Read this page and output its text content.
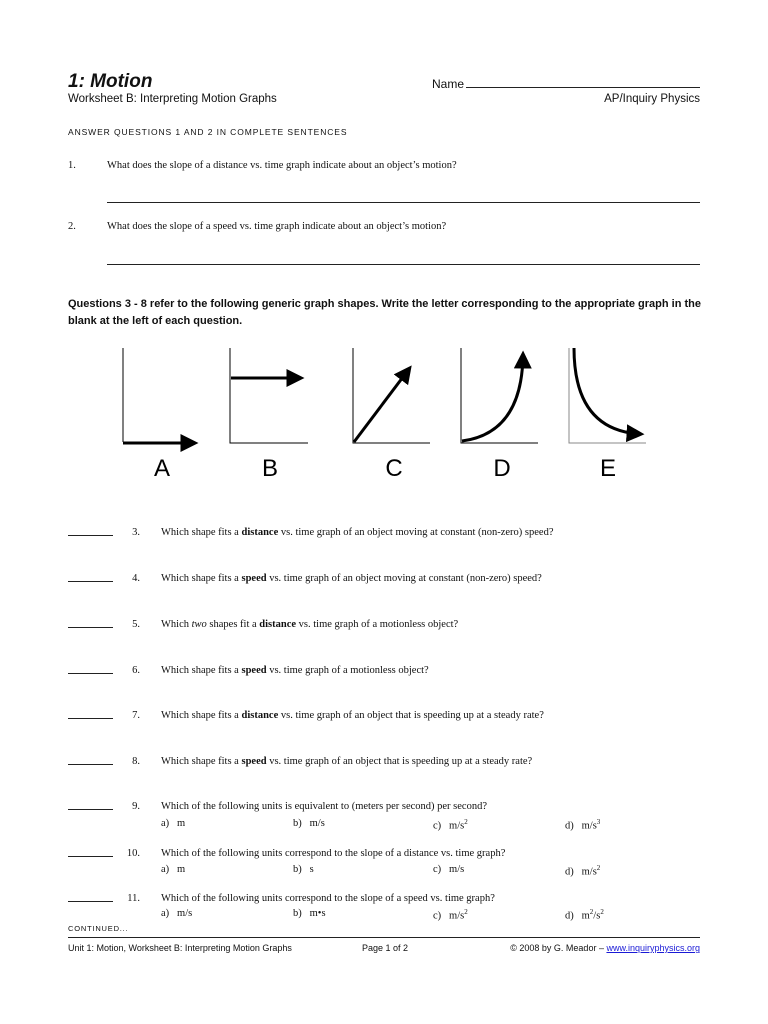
1: Motion	Name
Worksheet B: Interpreting Motion Graphs	AP/Inquiry Physics
ANSWER QUESTIONS 1 AND 2 IN COMPLETE SENTENCES
1.	What does the slope of a distance vs. time graph indicate about an object’s motion?
2.	What does the slope of a speed vs. time graph indicate about an object’s motion?
Questions 3 - 8 refer to the following generic graph shapes. Write the letter corresponding to the appropriate graph in the blank at the left of each question.
A	B	C	D	E
3. Which shape fits a distance vs. time graph of an object moving at constant (non-zero) speed?
4. Which shape fits a speed vs. time graph of an object moving at constant (non-zero) speed?
5. Which two shapes fit a distance vs. time graph of a motionless object?
6. Which shape fits a speed vs. time graph of a motionless object?
7. Which shape fits a distance vs. time graph of an object that is speeding up at a steady rate?
8. Which shape fits a speed vs. time graph of an object that is speeding up at a steady rate?
9. Which of the following units is equivalent to (meters per second) per second?
a) m	b) m/s	c) $m/s^2$	d) $m/s^3$
10. Which of the following units correspond to the slope of a distance vs. time graph?
a) m	b) s	c) m/s	d) $m/s^2$
11. Which of the following units correspond to the slope of a speed vs. time graph?
a) m/s	b) m•s	c) $m/s^2$	d) $m^2/s^2$
CONTINUED...
Unit 1: Motion, Worksheet B: Interpreting Motion Graphs	Page 1 of 2	© 2008 by G. Meador – www.inquiryphysics.org
